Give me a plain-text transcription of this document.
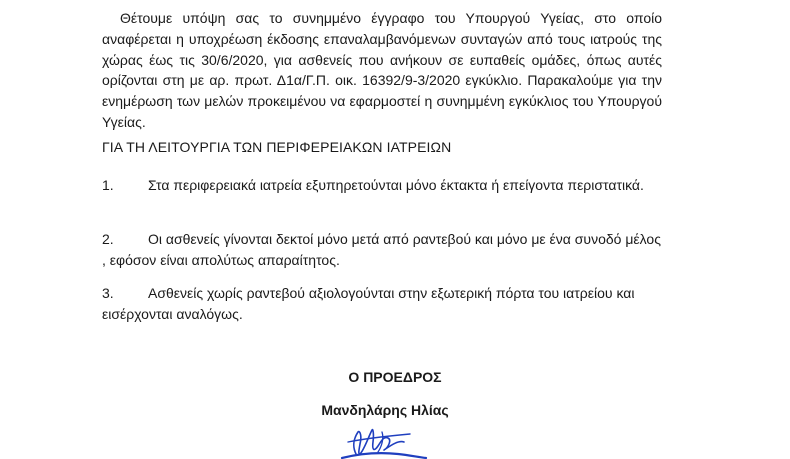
Θέτουμε υπόψη σας το συνημμένο έγγραφο του Υπουργού Υγείας, στο οποίο αναφέρεται η υποχρέωση έκδοσης επαναλαμβανόμενων συνταγών από τους ιατρούς της χώρας έως τις 30/6/2020, για ασθενείς που ανήκουν σε ευπαθείς ομάδες, όπως αυτές ορίζονται στη με αρ. πρωτ. Δ1α/Γ.Π. οικ. 16392/9-3/2020 εγκύκλιο. Παρακαλούμε για την ενημέρωση των μελών προκειμένου να εφαρμοστεί η συνημμένη εγκύκλιος του Υπουργού Υγείας.

ΓΙΑ ΤΗ ΛΕΙΤΟΥΡΓΙΑ ΤΩΝ ΠΕΡΙΦΕΡΕΙΑΚΩΝ ΙΑΤΡΕΙΩΝ

1. Στα περιφερειακά ιατρεία εξυπηρετούνται μόνο έκτακτα ή επείγοντα περιστατικά.

2. Οι ασθενείς γίνονται δεκτοί μόνο μετά από ραντεβού και μόνο με ένα συνοδό μέλος , εφόσον είναι απολύτως απαραίτητος.

3. Ασθενείς χωρίς ραντεβού αξιολογούνται στην εξωτερική πόρτα του ιατρείου και εισέρχονται αναλόγως.

Ο ΠΡΟΕΔΡΟΣ

Μανδηλάρης Ηλίας
